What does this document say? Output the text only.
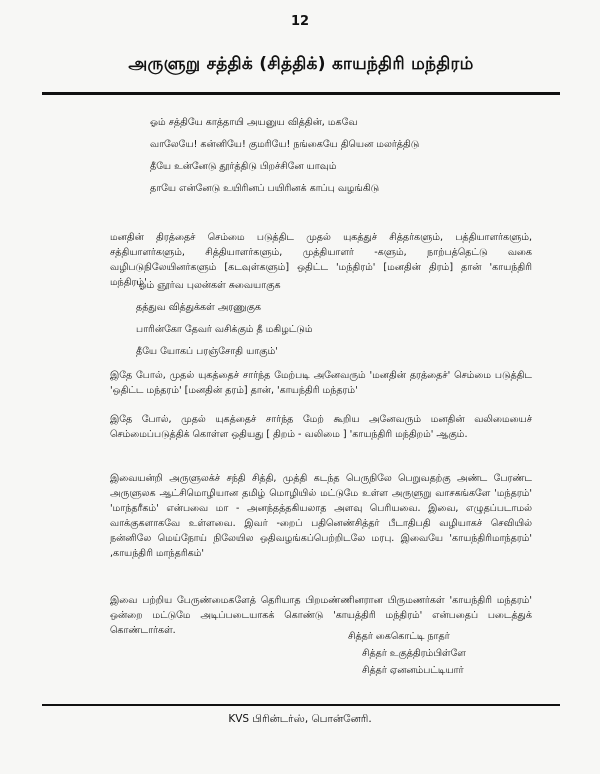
12
அருளுறு சத்திக் (சித்திக்) காயந்திரி மந்திரம்
ஓம் சத்தியே காத்தாயி அயனுய வித்தின், மகவே
வாலேயே! கன்னியே! குமரியே! நங்கையே தியென மலர்த்திடு
தீயே உன்னேடு தூர்த்திடு பிறச்சினே யாவும்
தாயே என்னேடு உயிரினப் பயிரினக் காப்பு வழங்கிடு
மனதின் திரத்தைச் செம்மை படுத்திட முதல் யுகத்துச் சித்தர்களும், பத்தியாளர்களும், சத்தியாளர்களும், சித்தியாளர்களும், முத்தியாளர் -களும், நாற்பத்தெட்டு வகை வழிபடுநிலேயினர்களும் [கடவுள்களும்] ஒதிட்ட 'மந்திரம்' [மனதின் திரம்] தான் 'காயந்திரி மந்திரம்'
'ஓம் ஞூர்வ புலன்கள் சுவையாகுக
தத்துவ வித்துக்கள் அரணுகுக
பாரின்கோ தேவர் வசிக்கும் தீ மகிழட்டும்
தீயே யோகப் பரஞ்சோதி யாகும்'
இதே போல், முதல் யுகத்தைச் சார்ந்த மேற்படி அனேவரும் 'மனதின் தரத்தைச்' செம்மை படுத்திட 'ஒதிட்ட மந்தரம்' [மனதின் தரம்] தான், 'காயந்திரி மந்தரம்'
இதே போல், முதல் யுகத்தைச் சார்ந்த மேற் கூறிய அனேவரும் மனதின் வலிமையைச் செம்மைப்படுத்திக் கொள்ள ஒதியது [ திறம் - வலிமை ] 'காயந்திரி மந்திறம்' ஆகும்.
இவையன்றி அருளுலக்ச் சந்தி சித்தி, முத்தி கடந்த பெருநிலே பெறுவதற்கு அண்ட பேரண்ட அருளுலக ஆட்சிமொழியான தமிழ் மொழியில் மட்டுமே உள்ள அருளுறு வாசகங்களே 'மந்தரம்' 'மாந்தரீகம்' என்பவை மா - அனந்தத்தகியலாத அளவு பெரியவை. இவை, எழுதப்படாமல் வாக்குகளாகவே உள்ளவை. இவர் -றைப் பதினெண்சித்தர் பீடாதிபதி வழியாகச் செவியில் நன்னிலே மெய்நோய் நிலேயில ஒதிவழங்கப்பெற்றிடலே மரபு. இவையே 'காயந்திரிமாந்தரம்' ,காயந்திரி மாந்தரிகம்'
இவை பற்றிய பேருண்மைகளேத் தெரியாத பிறமண்ணினரான பிருமணர்கள் 'காயந்திரி மந்தரம்' ஒன்றை மட்டுமே அடிப்படையாகக் கொண்டு 'காயத்திரி மந்திரம்' என்பதைப் படைத்துக் கொண்டார்கள்.
சித்தர் கைகொட்டி நாதர்
சித்தர் உகுத்திரம்பிள்ளே
சித்தர் ஏனனம்பட்டியார்
KVS பிரின்டர்ஸ், பொன்னேரி.
